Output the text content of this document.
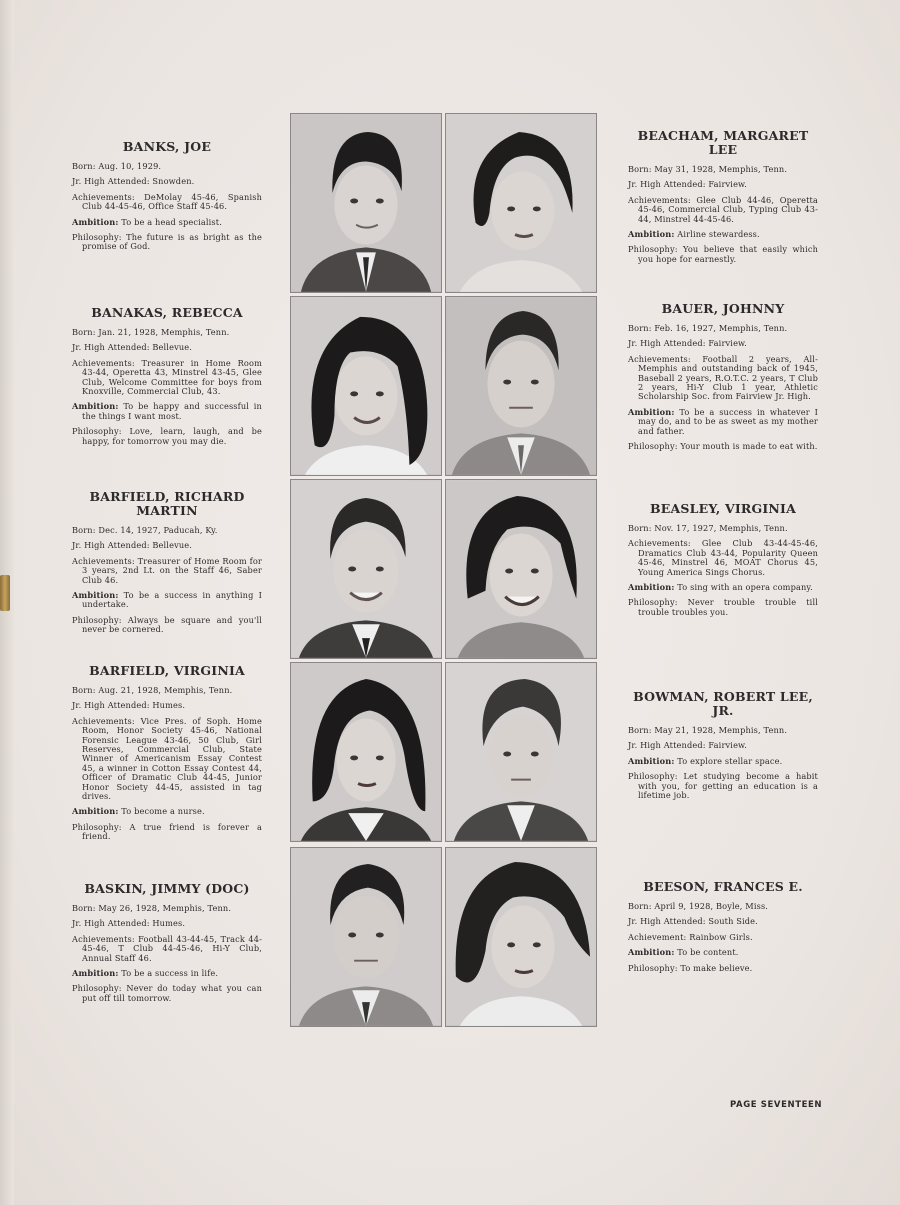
BANKS, JOE

Born: Aug. 10, 1929.

Jr. High Attended: Snowden.

Achievements: DeMolay 45-46, Spanish Club 44-45-46, Office Staff 45-46.

Ambition: To be a head specialist.

Philosophy: The future is as bright as the promise of God.

BANAKAS, REBECCA

Born: Jan. 21, 1928, Memphis, Tenn.

Jr. High Attended: Bellevue.

Achievements: Treasurer in Home Room 43-44, Operetta 43, Minstrel 43-45, Glee Club, Welcome Committee for boys from Knoxville, Commercial Club, 43.

Ambition: To be happy and successful in the things I want most.

Philosophy: Love, learn, laugh, and be happy, for tomorrow you may die.

BARFIELD, RICHARD MARTIN

Born: Dec. 14, 1927, Paducah, Ky.

Jr. High Attended: Bellevue.

Achievements: Treasurer of Home Room for 3 years, 2nd Lt. on the Staff 46, Saber Club 46.

Ambition: To be a success in anything I undertake.

Philosophy: Always be square and you'll never be cornered.

BARFIELD, VIRGINIA

Born: Aug. 21, 1928, Memphis, Tenn.

Jr. High Attended: Humes.

Achievements: Vice Pres. of Soph. Home Room, Honor Society 45-46, National Forensic League 43-46, 50 Club, Girl Reserves, Commercial Club, State Winner of Americanism Essay Contest 45, a winner in Cotton Essay Contest 44, Officer of Dramatic Club 44-45, Junior Honor Society 44-45, assisted in tag drives.

Ambition: To become a nurse.

Philosophy: A true friend is forever a friend.

BASKIN, JIMMY (DOC)

Born: May 26, 1928, Memphis, Tenn.

Jr. High Attended: Humes.

Achievements: Football 43-44-45, Track 44-45-46, T Club 44-45-46, Hi-Y Club, Annual Staff 46.

Ambition: To be a success in life.

Philosophy: Never do today what you can put off till tomorrow.

BEACHAM, MARGARET LEE

Born: May 31, 1928, Memphis, Tenn.

Jr. High Attended: Fairview.

Achievements: Glee Club 44-46, Operetta 45-46, Commercial Club, Typing Club 43-44, Minstrel 44-45-46.

Ambition: Airline stewardess.

Philosophy: You believe that easily which you hope for earnestly.

BAUER, JOHNNY

Born: Feb. 16, 1927, Memphis, Tenn.

Jr. High Attended: Fairview.

Achievements: Football 2 years, All-Memphis and outstanding back of 1945, Baseball 2 years, R.O.T.C. 2 years, T Club 2 years, Hi-Y Club 1 year, Athletic Scholarship Soc. from Fairview Jr. High.

Ambition: To be a success in whatever I may do, and to be as sweet as my mother and father.

Philosophy: Your mouth is made to eat with.

BEASLEY, VIRGINIA

Born: Nov. 17, 1927, Memphis, Tenn.

Achievements: Glee Club 43-44-45-46, Dramatics Club 43-44, Popularity Queen 45-46, Minstrel 46, MOAT Chorus 45, Young America Sings Chorus.

Ambition: To sing with an opera company.

Philosophy: Never trouble trouble till trouble troubles you.

BOWMAN, ROBERT LEE, JR.

Born: May 21, 1928, Memphis, Tenn.

Jr. High Attended: Fairview.

Ambition: To explore stellar space.

Philosophy: Let studying become a habit with you, for getting an education is a lifetime job.

BEESON, FRANCES E.

Born: April 9, 1928, Boyle, Miss.

Jr. High Attended: South Side.

Achievement: Rainbow Girls.

Ambition: To be content.

Philosophy: To make believe.

PAGE SEVENTEEN
